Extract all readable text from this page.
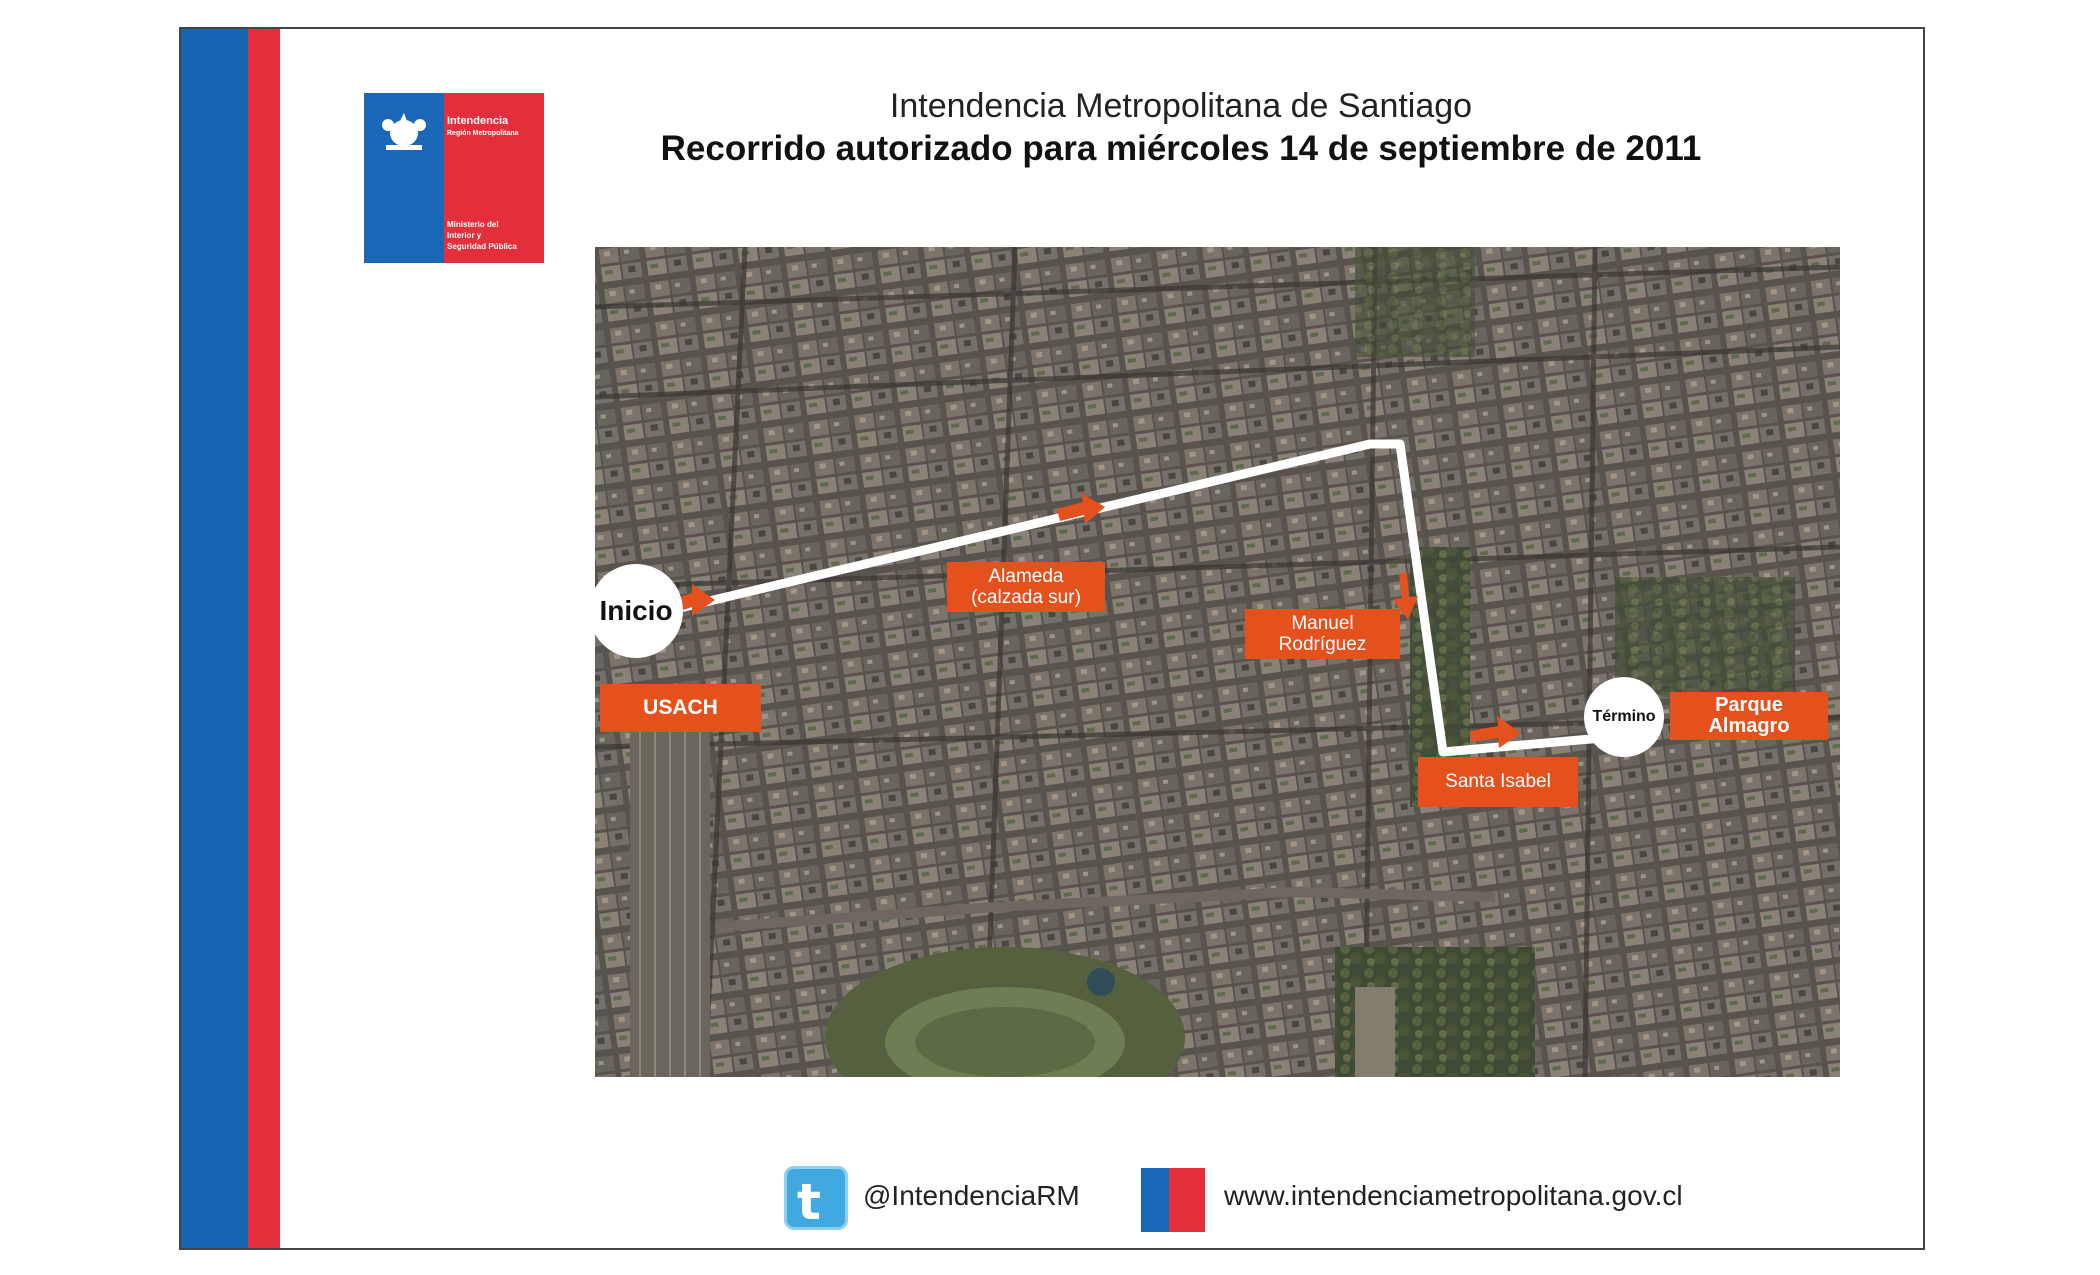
Intendencia
Región Metropolitana
Ministerio del
Interior y
Seguridad Pública
Intendencia Metropolitana de Santiago
Recorrido autorizado para miércoles 14 de septiembre de 2011
Inicio
USACH
Alameda
(calzada sur)
Manuel
Rodríguez
Santa Isabel
Término
Parque
Almagro
t @IntendenciaRM	www.intendenciametropolitana.gov.cl
